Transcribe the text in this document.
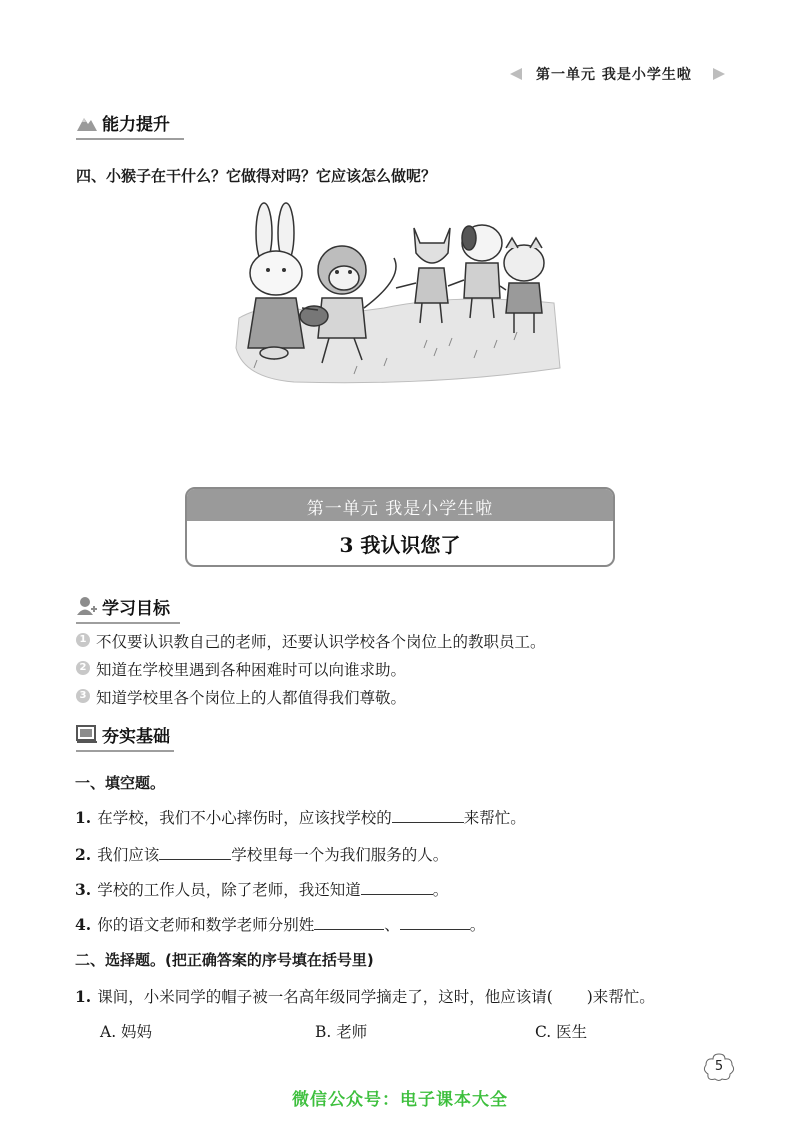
第一单元 我是小学生啦
能力提升
四、小猴子在干什么？它做得对吗？它应该怎么做呢？
第一单元 我是小学生啦
3 我认识您了
学习目标
1 不仅要认识教自己的老师，还要认识学校各个岗位上的教职员工。
2 知道在学校里遇到各种困难时可以向谁求助。
3 知道学校里各个岗位上的人都值得我们尊敬。
夯实基础
一、填空题。
1. 在学校，我们不小心摔伤时，应该找学校的	来帮忙。
2. 我们应该	学校里每一个为我们服务的人。
3. 学校的工作人员，除了老师，我还知道	。
4. 你的语文老师和数学老师分别姓	、	。
二、选择题。(把正确答案的序号填在括号里)
1. 课间，小米同学的帽子被一名高年级同学摘走了，这时，他应该请( )来帮忙。
A. 妈妈	B. 老师	C. 医生
5
微信公众号：电子课本大全
